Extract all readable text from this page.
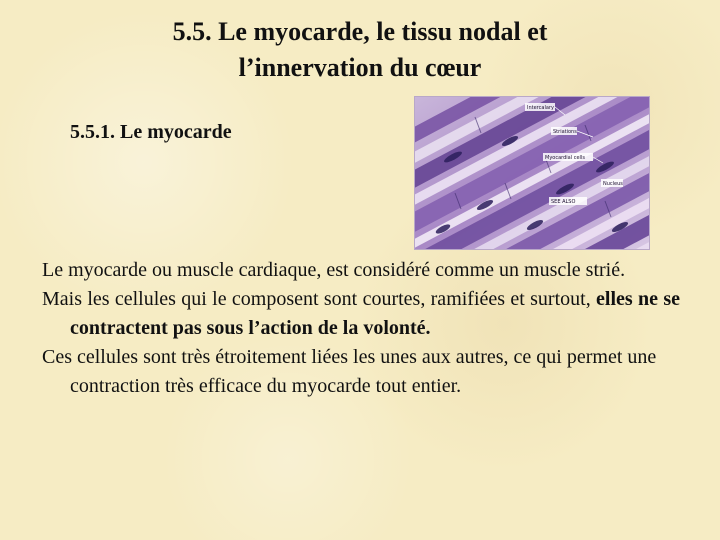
5.5. Le myocarde, le tissu nodal et
l’innervation du cœur
5.5.1. Le myocarde
Intercalary
Striations
Myocardial cells
Nucleus
SEE ALSO

Le myocarde ou muscle cardiaque, est considéré comme un muscle strié.

Mais les cellules qui le composent sont courtes, ramifiées et surtout, elles ne se contractent pas sous l’action de la volonté.

Ces cellules sont très étroitement liées les unes aux autres, ce qui permet une contraction très efficace du myocarde tout entier.
